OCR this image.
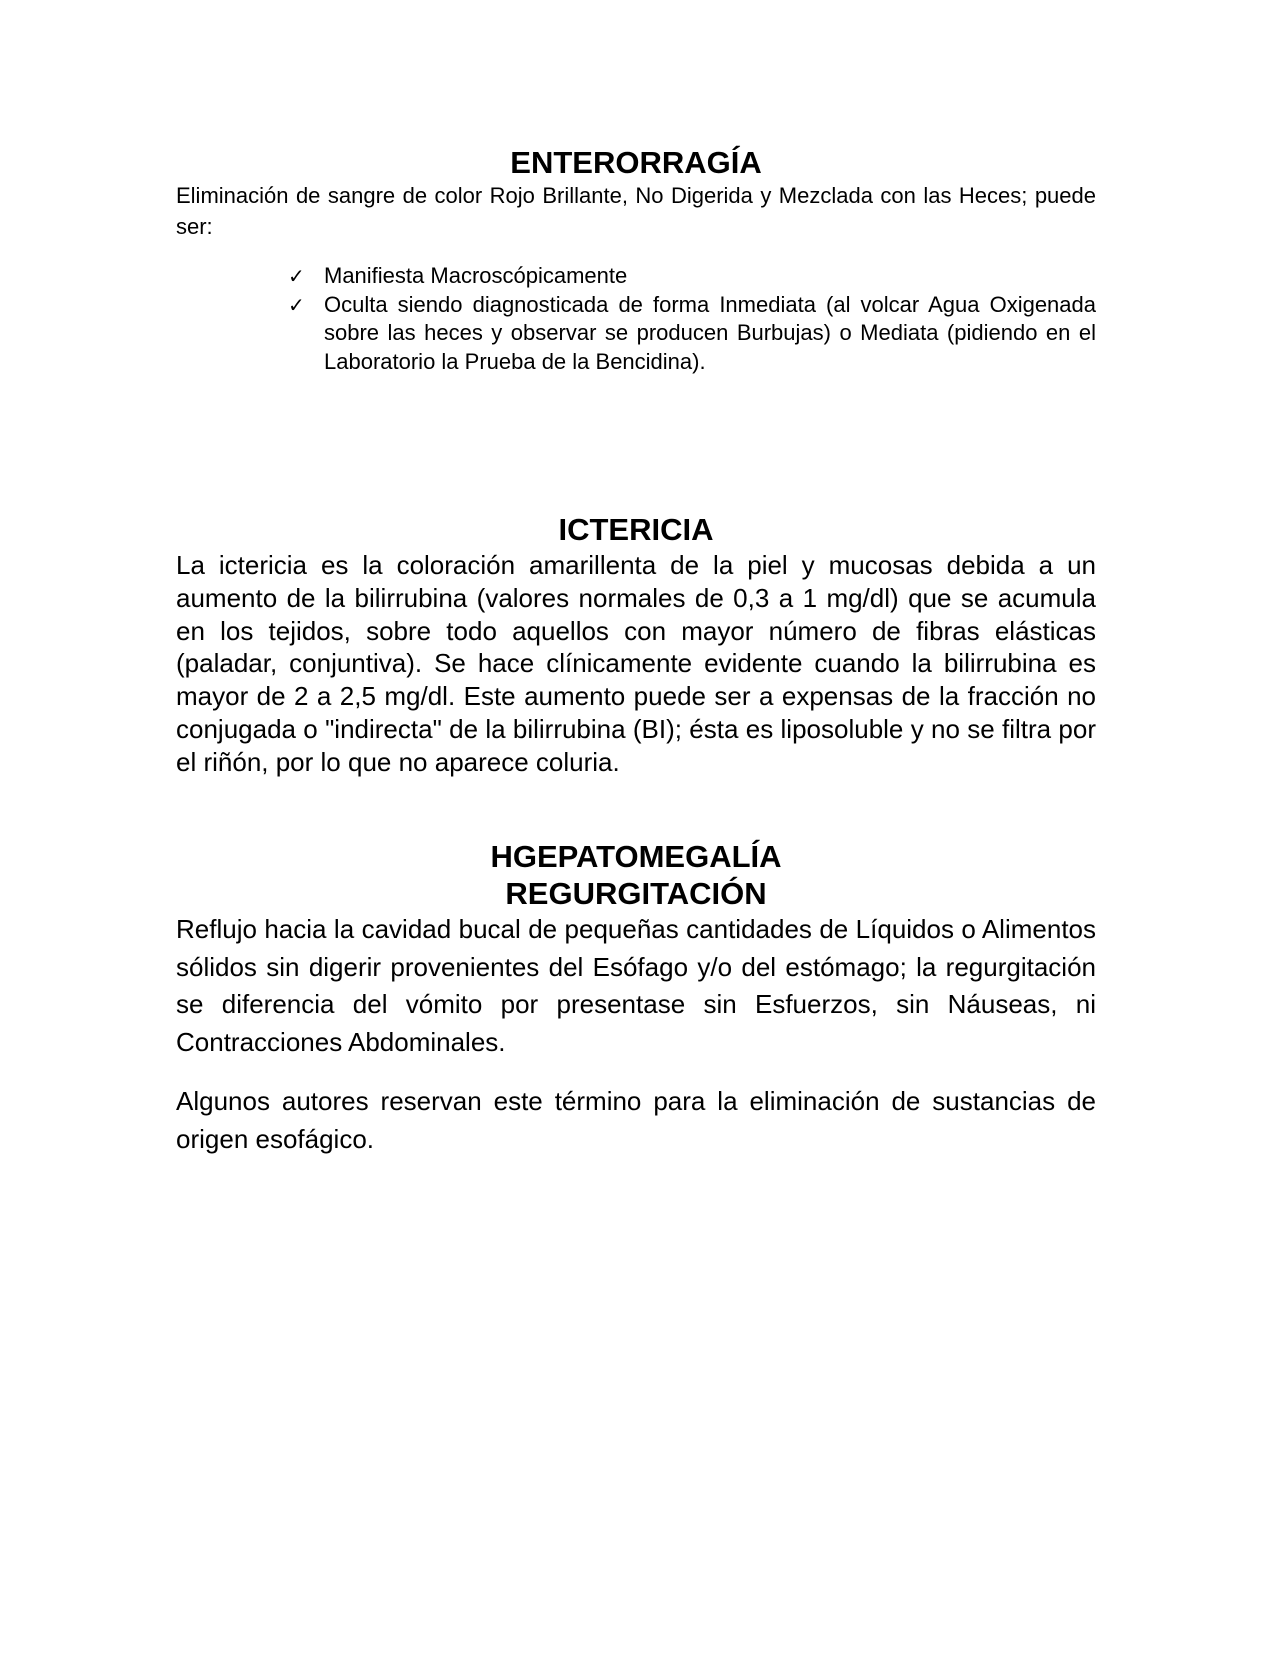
ENTERORRAGÍA

Eliminación de sangre de color Rojo Brillante, No Digerida y Mezclada con las Heces; puede ser:

✓ Manifiesta Macroscópicamente
✓ Oculta siendo diagnosticada de forma Inmediata (al volcar Agua Oxigenada sobre las heces y observar se producen Burbujas) o Mediata (pidiendo en el Laboratorio la Prueba de la Bencidina).
ICTERICIA

La ictericia es la coloración amarillenta de la piel y mucosas debida a un aumento de la bilirrubina (valores normales de 0,3 a 1 mg/dl) que se acumula en los tejidos, sobre todo aquellos con mayor número de fibras elásticas (paladar, conjuntiva). Se hace clínicamente evidente cuando la bilirrubina es mayor de 2 a 2,5 mg/dl. Este aumento puede ser a expensas de la fracción no conjugada o "indirecta" de la bilirrubina (BI); ésta es liposoluble y no se filtra por el riñón, por lo que no aparece coluria.

HGEPATOMEGALÍA
REGURGITACIÓN

Reflujo hacia la cavidad bucal de pequeñas cantidades de Líquidos o Alimentos sólidos sin digerir provenientes del Esófago y/o del estómago; la regurgitación se diferencia del vómito por presentase sin Esfuerzos, sin Náuseas, ni Contracciones Abdominales.

Algunos autores reservan este término para la eliminación de sustancias de origen esofágico.
